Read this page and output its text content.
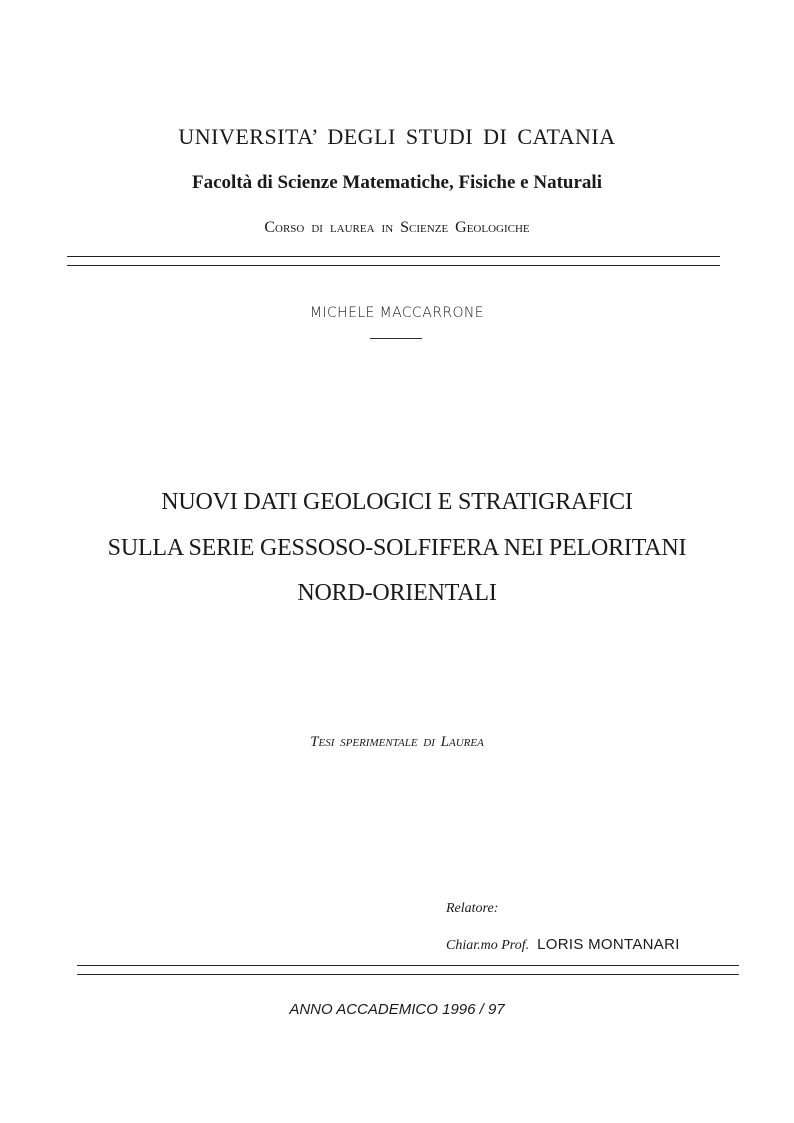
UNIVERSITA’ DEGLI STUDI DI CATANIA
Facoltà di Scienze Matematiche, Fisiche e Naturali
Corso di laurea in Scienze Geologiche
MICHELE MACCARRONE
NUOVI DATI GEOLOGICI E STRATIGRAFICI
SULLA SERIE GESSOSO-SOLFIFERA NEI PELORITANI
NORD-ORIENTALI
Tesi sperimentale di Laurea
Relatore:
Chiar.mo Prof. LORIS MONTANARI
ANNO ACCADEMICO 1996 / 97
